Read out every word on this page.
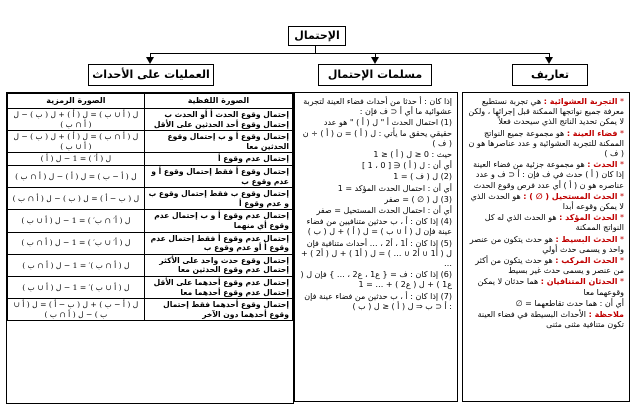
الإحتمال
العمليات على الأحداث	مسلمات الإحتمال	تعاريف

* التجربة العشوائية : هي تجربة نستطيع معرفة جميع نواتجها الممكنة قبل إجرائها ، ولكن لا يمكن تحديد الناتج الذي سيحدث فعلاً

* فضاء العينة : هو مجموعة جميع النواتج الممكنة للتجربة العشوائية و عدد عناصرها هو ن ( ف )

* الحدث : هو مجموعة جزئية من فضاء العينة إذا كان ( أ ) حدث في ف فإن : أ ⊂ ف و عدد عناصره هو ن ( أ ) أي عدد فرص وقوع الحدث

* الحدث المستحيل ( ∅ ) : هو الحدث الذي لا يمكن وقوعه أبدا

* الحدث المؤكد : هو الحدث الذي له كل النواتج الممكنة

* الحدث البسيط : هو حدث يتكون من عنصر واحد و يسمى حدث أولي

* الحدث المركب : هو حدث يتكون من أكثر من عنصر و يسمى حدث غير بسيط

* الحدثان المتنافيان : هما حدثان لا يمكن وقوعهما معا

أي أن : هما حدث تقاطعهما = ∅

ملاحظة : الأحداث البسيطة في فضاء العينة تكون متنافية مثنى مثنى

إذا كان : أ حدثا من أحداث فضاء العينة لتجربة عشوائية ما أي أ ⊂ ف فإن :

(1) احتمال الحدث أ " ل ( أ ) " هو عدد حقيقي يحقق ما يأتي : ل ( أ ) = ن ( أ ) ÷ ن ( ف )

حيث : 0 ≤ ل ( أ ) ≤ 1

أي أن : ل ( أ ) ∈ [ 0 ، 1 ]

(2) ل ( ف ) = 1

أي أن : احتمال الحدث المؤكد = 1

(3) ل ( ∅ ) = صفر

أي أن : احتمال الحدث المستحيل = صفر

(4) إذا كان : أ ، ب حدثين متنافيين من فضاء عينة فإن ل ( أ ∪ ب ) = ل ( أ ) + ل ( ب )

(5) إذا كان : أ1 ، أ2 ، … أحداث متنافية فإن ل ( أ1 ∪ أ2 ∪ … ) = ل ( أ1 ) + ل ( أ2 ) + …

(6) إذا كان : ف = { ع1 ، ع2 ، … } فإن ل ( ع1 ) + ل ( ع2 ) + … = 1

(7) إذا كان : أ ، ب حدثين من فضاء عينة فإن : أ ⊂ ب ⇒ ل ( أ ) ≤ ل ( ب )

الصورة اللفظية	الصورة الرمزية
إحتمال وقوع الحدث أ أو الحدث ب إحتمال وقوع أحد الحدثين على الأقل	ل ( أ ∪ ب ) = ل ( أ ) + ل ( ب ) − ل ( أ ∩ ب )
إحتمال وقوع أ و ب إحتمال وقوع الحدثين معا	ل ( أ ∩ ب ) = ل ( أ ) + ل ( ب ) − ل ( أ ∪ ب )
إحتمال عدم وقوع أ	ل ( أ′ ) = 1 − ل ( أ )
إحتمال وقوع أ فقط إحتمال وقوع أ و عدم وقوع ب	ل ( أ − ب ) = ل ( أ ) − ل ( أ ∩ ب )
إحتمال وقوع ب فقط إحتمال وقوع ب و عدم وقوع أ	ل ( ب − أ ) = ل ( ب ) − ل ( أ ∩ ب )
إحتمال عدم وقوع أ و ب إحتمال عدم وقوع أي منهما	ل ( أ′ ∩ ب′ ) = 1 − ل ( أ ∪ ب )
إحتمال عدم وقوع أ فقط إحتمال عدم وقوع أ أو عدم وقوع ب	ل ( أ′ ∪ ب′ ) = 1 − ل ( أ ∩ ب )
إحتمال وقوع حدث واحد على الأكثر إحتمال عدم وقوع الحدثين معا	ل ( أ ∩ ب )′ = 1 − ل ( أ ∩ ب )
إحتمال عدم وقوع أحدهما على الأقل إحتمال عدم وقوع أحدهما معا	ل ( أ ∪ ب )′ = 1 − ل ( أ ∪ ب )
إحتمال وقوع أحدهما فقط إحتمال وقوع أحدهما دون الآخر	ل ( أ − ب ) + ل ( ب − أ ) = ل ( أ ∪ ب ) − ل ( أ ∩ ب )
